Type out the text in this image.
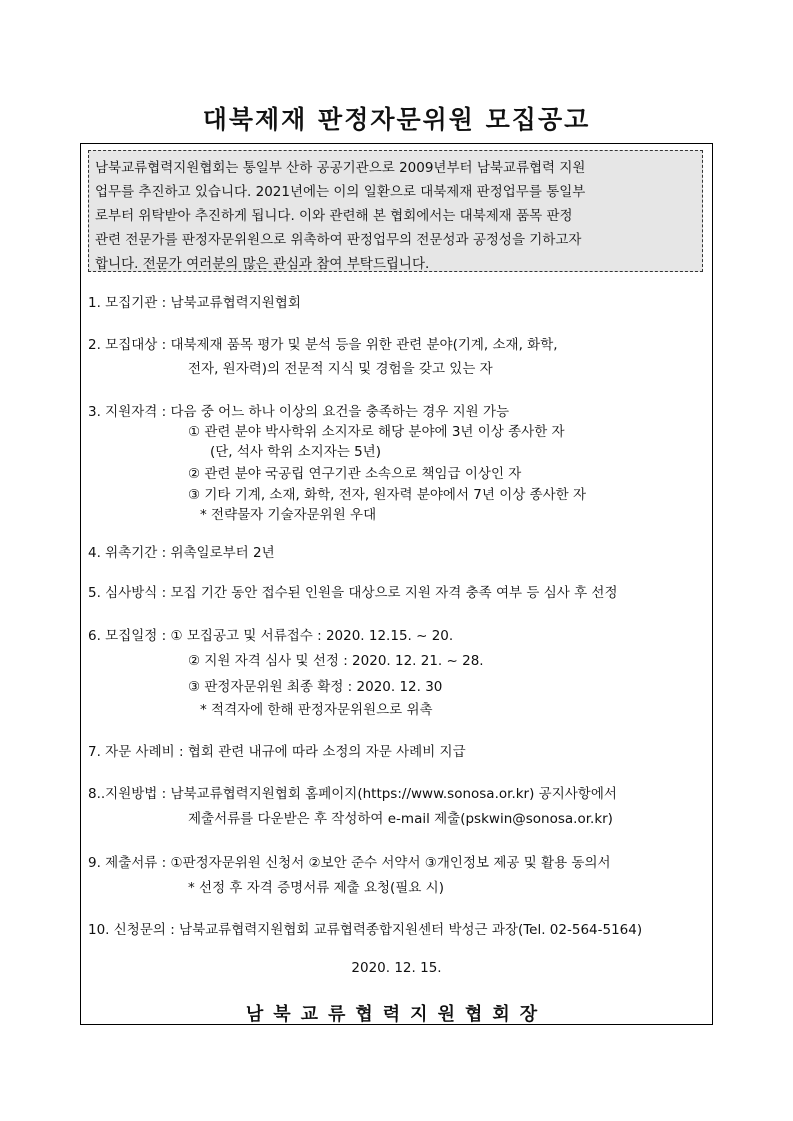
대북제재 판정자문위원 모집공고
남북교류협력지원협회는 통일부 산하 공공기관으로 2009년부터 남북교류협력 지원
업무를 추진하고 있습니다. 2021년에는 이의 일환으로 대북제재 판정업무를 통일부
로부터 위탁받아 추진하게 됩니다. 이와 관련해 본 협회에서는 대북제재 품목 판정
관련 전문가를 판정자문위원으로 위촉하여 판정업무의 전문성과 공정성을 기하고자
합니다. 전문가 여러분의 많은 관심과 참여 부탁드립니다.
1. 모집기관 : 남북교류협력지원협회
2. 모집대상 : 대북제재 품목 평가 및 분석 등을 위한 관련 분야(기계, 소재, 화학,
전자, 원자력)의 전문적 지식 및 경험을 갖고 있는 자
3. 지원자격 : 다음 중 어느 하나 이상의 요건을 충족하는 경우 지원 가능
① 관련 분야 박사학위 소지자로 해당 분야에 3년 이상 종사한 자
(단, 석사 학위 소지자는 5년)
② 관련 분야 국공립 연구기관 소속으로 책임급 이상인 자
③ 기타 기계, 소재, 화학, 전자, 원자력 분야에서 7년 이상 종사한 자
* 전략물자 기술자문위원 우대
4. 위촉기간 : 위촉일로부터 2년
5. 심사방식 : 모집 기간 동안 접수된 인원을 대상으로 지원 자격 충족 여부 등 심사 후 선정
6. 모집일정 : ① 모집공고 및 서류접수 : 2020. 12.15. ~ 20.
② 지원 자격 심사 및 선정 : 2020. 12. 21. ~ 28.
③ 판정자문위원 최종 확정 : 2020. 12. 30
* 적격자에 한해 판정자문위원으로 위촉
7. 자문 사례비 : 협회 관련 내규에 따라 소정의 자문 사례비 지급
8..지원방법 : 남북교류협력지원협회 홈페이지(https://www.sonosa.or.kr) 공지사항에서
제출서류를 다운받은 후 작성하여 e-mail 제출(pskwin@sonosa.or.kr)
9. 제출서류 : ①판정자문위원 신청서 ②보안 준수 서약서 ③개인정보 제공 및 활용 동의서
* 선정 후 자격 증명서류 제출 요청(필요 시)
10. 신청문의 : 남북교류협력지원협회 교류협력종합지원센터 박성근 과장(Tel. 02-564-5164)
2020. 12. 15.
남북교류협력지원협회장
